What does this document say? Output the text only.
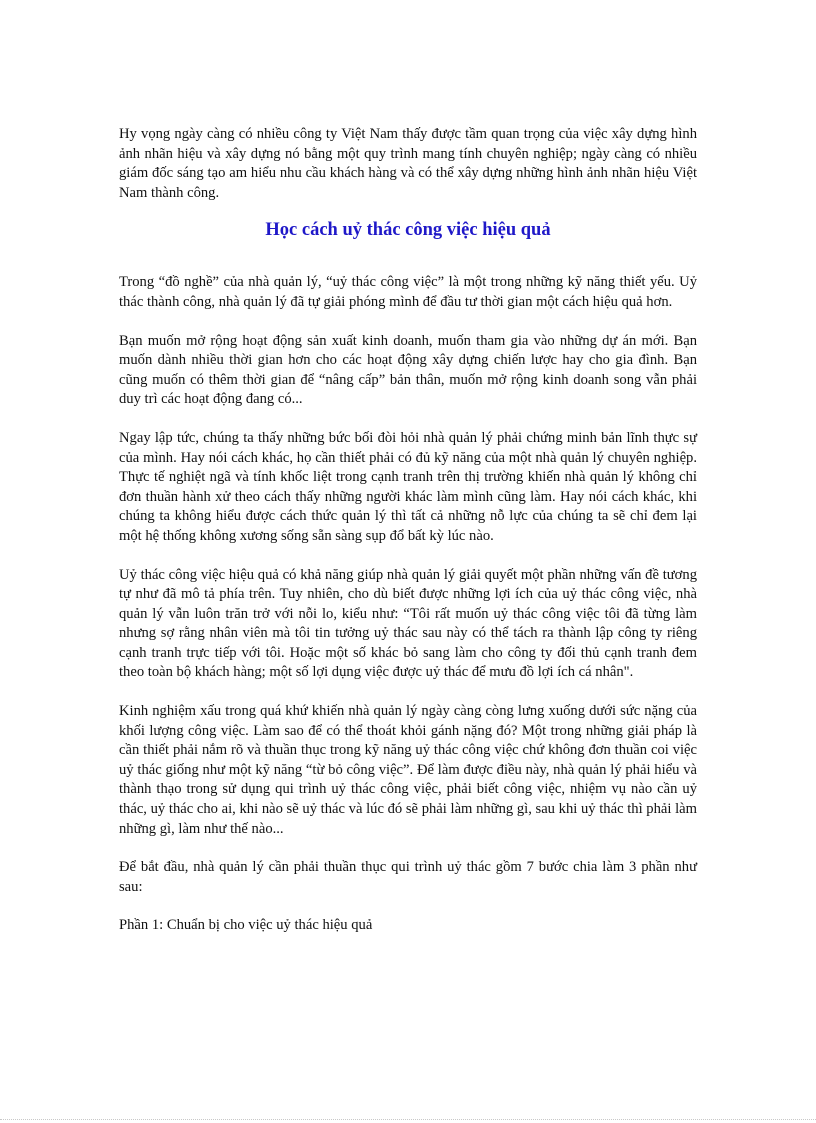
Hy vọng ngày càng có nhiều công ty Việt Nam thấy được tầm quan trọng của việc xây dựng hình ảnh nhãn hiệu và xây dựng nó bằng một quy trình mang tính chuyên nghiệp; ngày càng có nhiều giám đốc sáng tạo am hiểu nhu cầu khách hàng và có thể xây dựng những hình ảnh nhãn hiệu Việt Nam thành công.

Học cách uỷ thác công việc hiệu quả

Trong “đồ nghề” của nhà quản lý, “uỷ thác công việc” là một trong những kỹ năng thiết yếu. Uỷ thác thành công, nhà quản lý đã tự giải phóng mình để đầu tư thời gian một cách hiệu quả hơn.

Bạn muốn mở rộng hoạt động sản xuất kinh doanh, muốn tham gia vào những dự án mới. Bạn muốn dành nhiều thời gian hơn cho các hoạt động xây dựng chiến lược hay cho gia đình. Bạn cũng muốn có thêm thời gian để “nâng cấp” bản thân, muốn mở rộng kinh doanh song vẫn phải duy trì các hoạt động đang có...

Ngay lập tức, chúng ta thấy những bức bối đòi hỏi nhà quản lý phải chứng minh bản lĩnh thực sự của mình. Hay nói cách khác, họ cần thiết phải có đủ kỹ năng của một nhà quản lý chuyên nghiệp. Thực tế nghiệt ngã và tính khốc liệt trong cạnh tranh trên thị trường khiến nhà quản lý không chỉ đơn thuần hành xử theo cách thấy những người khác làm mình cũng làm. Hay nói cách khác, khi chúng ta không hiểu được cách thức quản lý thì tất cả những nỗ lực của chúng ta sẽ chỉ đem lại một hệ thống không xương sống sẵn sàng sụp đổ bất kỳ lúc nào.

Uỷ thác công việc hiệu quả có khả năng giúp nhà quản lý giải quyết một phần những vấn đề tương tự như đã mô tả phía trên. Tuy nhiên, cho dù biết được những lợi ích của uỷ thác công việc, nhà quản lý vẫn luôn trăn trở với nỗi lo, kiểu như: “Tôi rất muốn uỷ thác công việc tôi đã từng làm nhưng sợ rằng nhân viên mà tôi tin tưởng uỷ thác sau này có thể tách ra thành lập công ty riêng cạnh tranh trực tiếp với tôi. Hoặc một số khác bỏ sang làm cho công ty đối thủ cạnh tranh đem theo toàn bộ khách hàng; một số lợi dụng việc được uỷ thác để mưu đồ lợi ích cá nhân".

Kinh nghiệm xấu trong quá khứ khiến nhà quản lý ngày càng còng lưng xuống dưới sức nặng của khối lượng công việc. Làm sao để có thể thoát khỏi gánh nặng đó? Một trong những giải pháp là cần thiết phải nắm rõ và thuần thục trong kỹ năng uỷ thác công việc chứ không đơn thuần coi việc uỷ thác giống như một kỹ năng “từ bỏ công việc”. Để làm được điều này, nhà quản lý phải hiểu và thành thạo trong sử dụng qui trình uỷ thác công việc, phải biết công việc, nhiệm vụ nào cần uỷ thác, uỷ thác cho ai, khi nào sẽ uỷ thác và lúc đó sẽ phải làm những gì, sau khi uỷ thác thì phải làm những gì, làm như thế nào...

Để bắt đầu, nhà quản lý cần phải thuần thục qui trình uỷ thác gồm 7 bước chia làm 3 phần như sau:

Phần 1: Chuẩn bị cho việc uỷ thác hiệu quả
